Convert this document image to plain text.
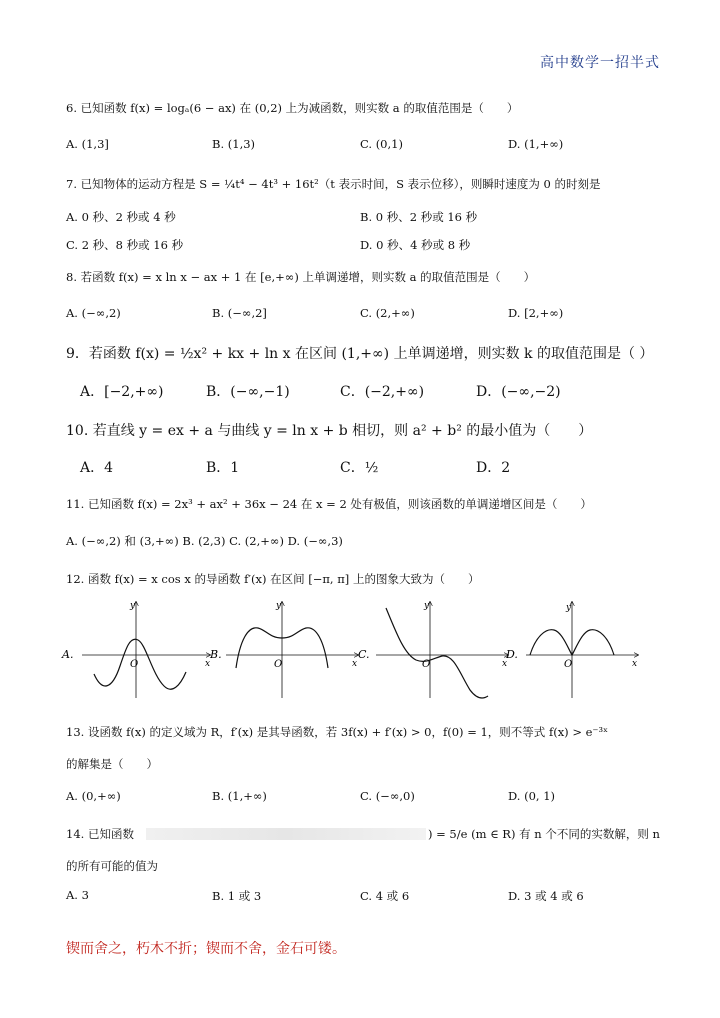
高中数学一招半式
6. 已知函数 f(x) = logₐ(6 − ax) 在 (0,2) 上为减函数，则实数 a 的取值范围是（　　）
A. (1,3]	B. (1,3)	C. (0,1)	D. (1,+∞)
7. 已知物体的运动方程是 S = ¼t⁴ − 4t³ + 16t²（t 表示时间，S 表示位移），则瞬时速度为 0 的时刻是
A. 0 秒、2 秒或 4 秒	B. 0 秒、2 秒或 16 秒
C. 2 秒、8 秒或 16 秒	D. 0 秒、4 秒或 8 秒
8. 若函数 f(x) = x ln x − ax + 1 在 [e,+∞) 上单调递增，则实数 a 的取值范围是（　　）
A. (−∞,2)	B. (−∞,2]	C. (2,+∞)	D. [2,+∞)
9．若函数 f(x) = ½x² + kx + ln x 在区间 (1,+∞) 上单调递增，则实数 k 的取值范围是（ ）
A．[−2,+∞)	B．(−∞,−1)	C．(−2,+∞)	D．(−∞,−2)
10. 若直线 y = ex + a 与曲线 y = ln x + b 相切，则 a² + b² 的最小值为（　　）
A．4	B．1	C．½	D．2
11. 已知函数 f(x) = 2x³ + ax² + 36x − 24 在 x = 2 处有极值，则该函数的单调递增区间是（　　）
A. (−∞,2) 和 (3,+∞) B. (2,3) C. (2,+∞) D. (−∞,3)
12. 函数 f(x) = x cos x 的导函数 f′(x) 在区间 [−π, π] 上的图象大致为（　　）
A.
y
x
O
B.
y
x
O
C.
y
x
O
D.
y
x
O
13. 设函数 f(x) 的定义域为 R，f′(x) 是其导函数，若 3f(x) + f′(x) > 0，f(0) = 1，则不等式 f(x) > e⁻³ˣ
的解集是（　　）
A. (0,+∞)	B. (1,+∞)	C. (−∞,0)	D. (0, 1)
14. 已知函数	) = 5/e (m ∈ R) 有 n 个不同的实数解，则 n
的所有可能的值为
A. 3	B. 1 或 3	C. 4 或 6	D. 3 或 4 或 6
锲而舍之，朽木不折；锲而不舍，金石可镂。
